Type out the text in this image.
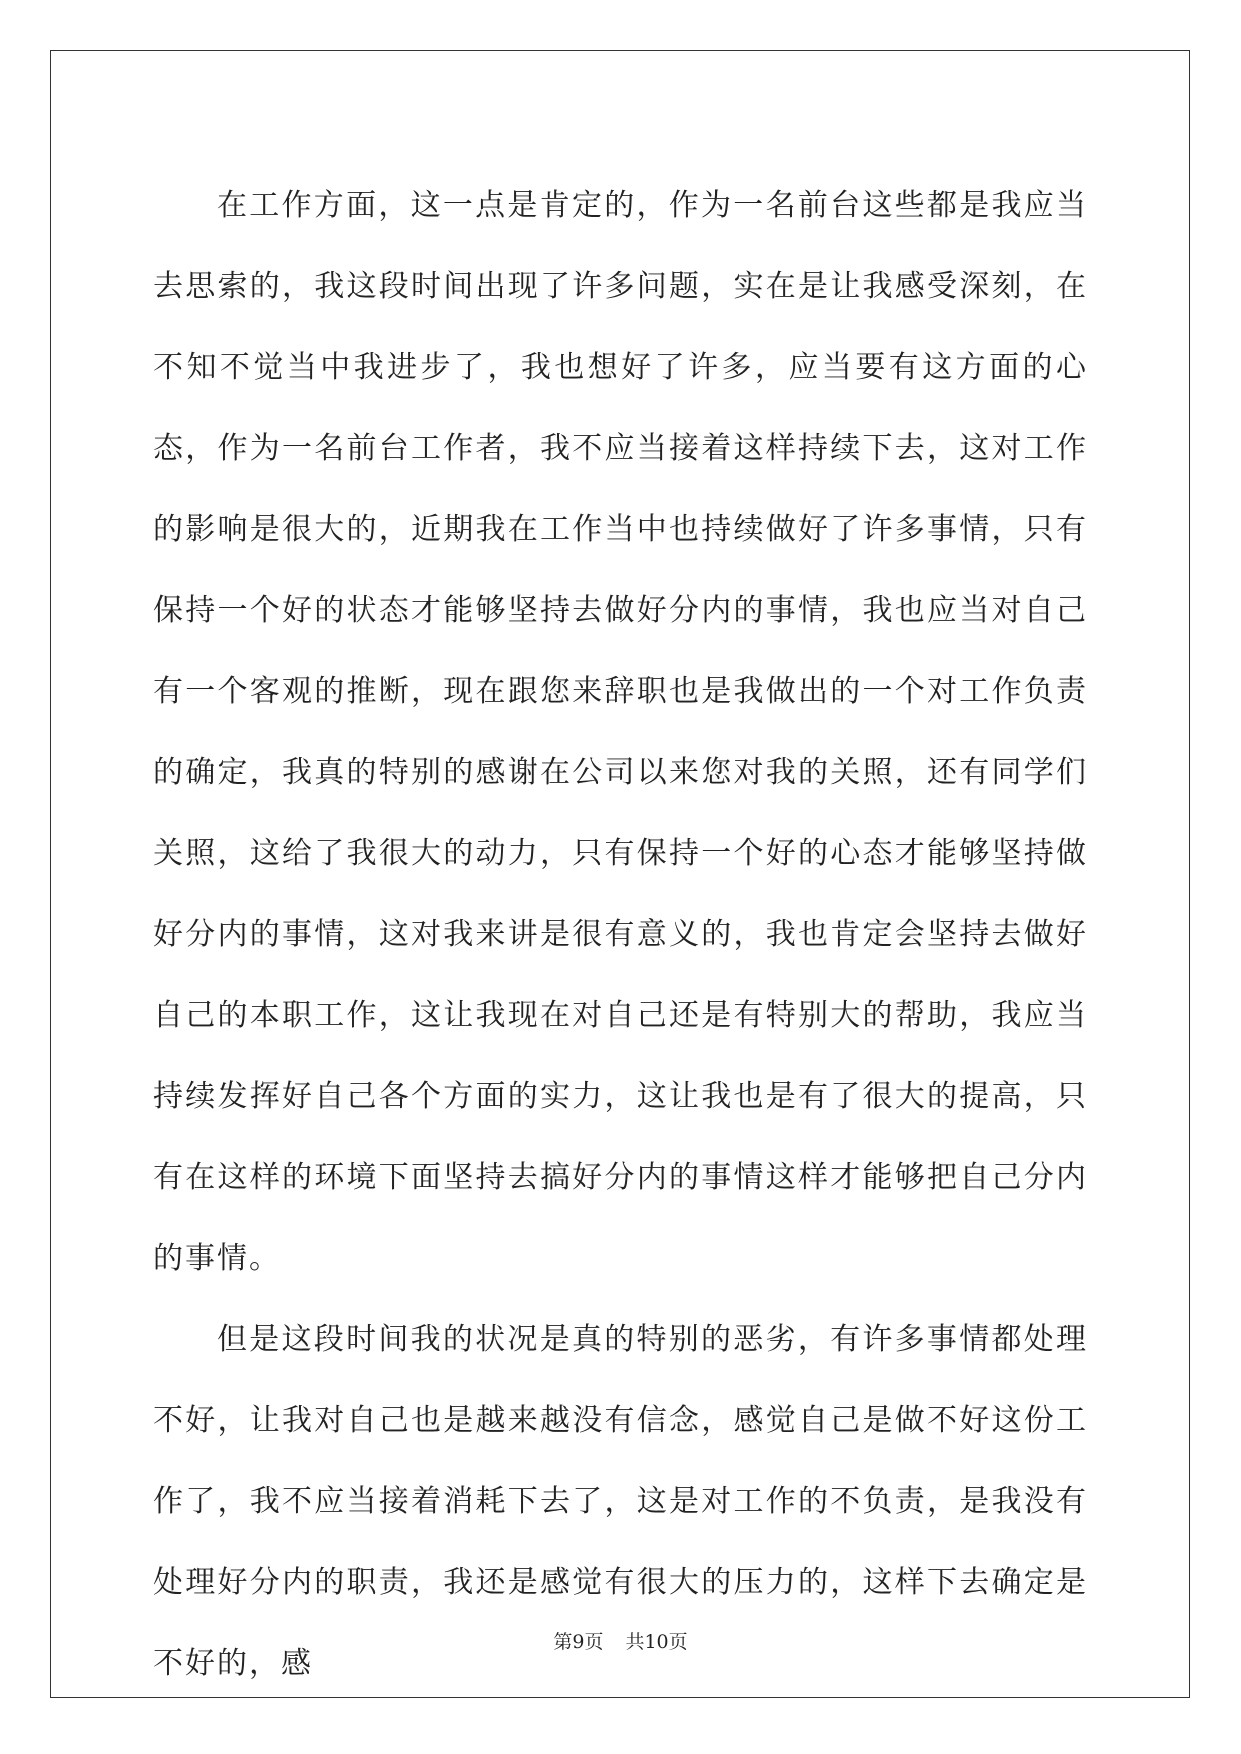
在工作方面，这一点是肯定的，作为一名前台这些都是我应当去思索的，我这段时间出现了许多问题，实在是让我感受深刻，在不知不觉当中我进步了，我也想好了许多，应当要有这方面的心态，作为一名前台工作者，我不应当接着这样持续下去，这对工作的影响是很大的，近期我在工作当中也持续做好了许多事情，只有保持一个好的状态才能够坚持去做好分内的事情，我也应当对自己有一个客观的推断，现在跟您来辞职也是我做出的一个对工作负责的确定，我真的特别的感谢在公司以来您对我的关照，还有同学们关照，这给了我很大的动力，只有保持一个好的心态才能够坚持做好分内的事情，这对我来讲是很有意义的，我也肯定会坚持去做好自己的本职工作，这让我现在对自己还是有特别大的帮助，我应当持续发挥好自己各个方面的实力，这让我也是有了很大的提高，只有在这样的环境下面坚持去搞好分内的事情这样才能够把自己分内的事情。

但是这段时间我的状况是真的特别的恶劣，有许多事情都处理不好，让我对自己也是越来越没有信念，感觉自己是做不好这份工作了，我不应当接着消耗下去了，这是对工作的不负责，是我没有处理好分内的职责，我还是感觉有很大的压力的，这样下去确定是不好的，感

第9页 共10页
